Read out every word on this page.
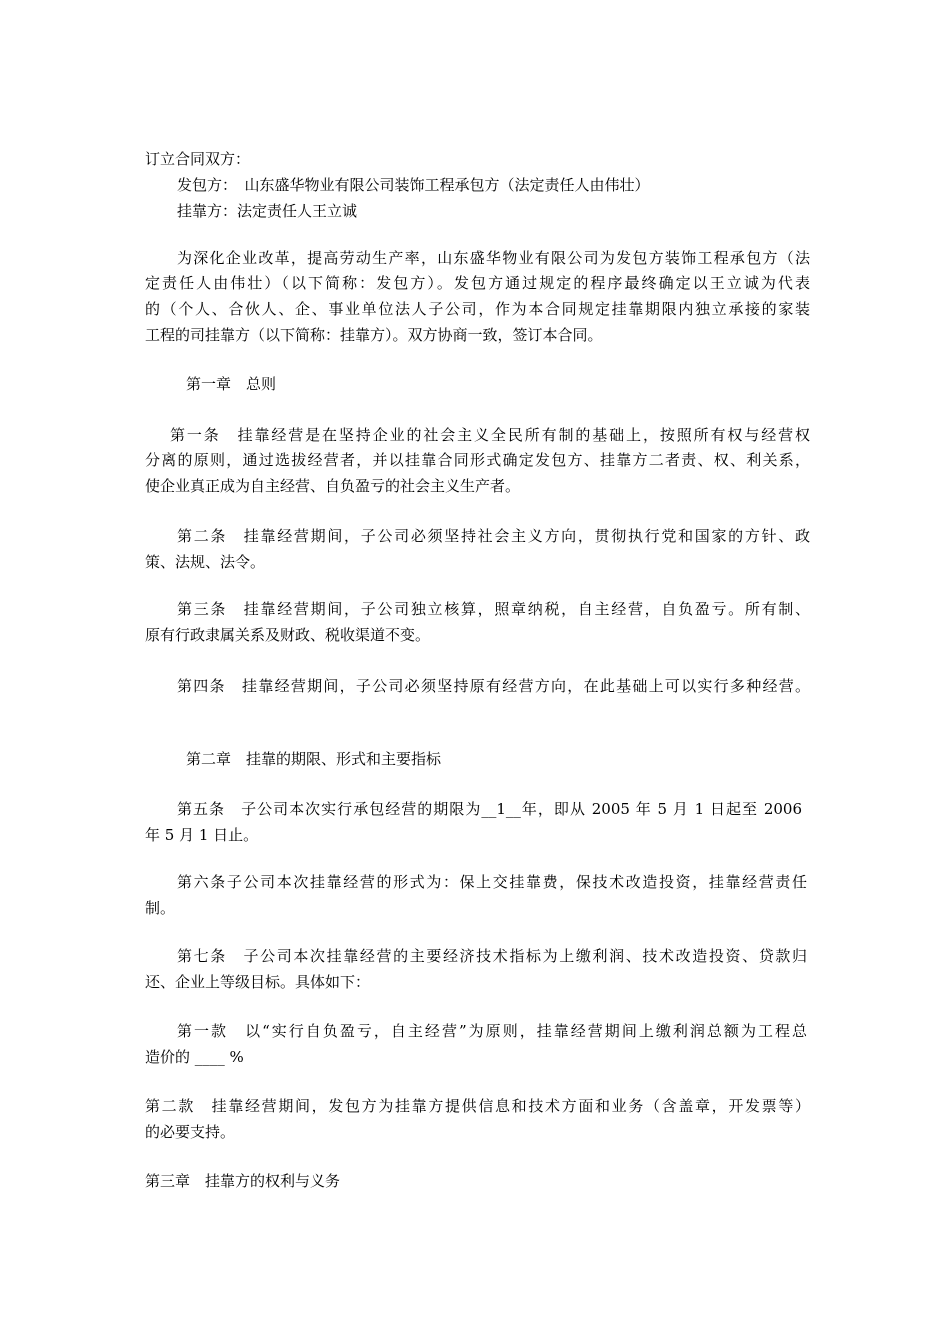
订立合同双方：

发包方：　山东盛华物业有限公司装饰工程承包方（法定责任人由伟壮）

挂靠方：法定责任人王立诚

为深化企业改革，提高劳动生产率，山东盛华物业有限公司为发包方装饰工程承包方（法

定责任人由伟壮）（以下简称：发包方）。发包方通过规定的程序最终确定以王立诚为代表

的（个人、合伙人、企、事业单位法人子公司，作为本合同规定挂靠期限内独立承接的家装

工程的司挂靠方（以下简称：挂靠方）。双方协商一致，签订本合同。

第一章　总则

第一条　挂靠经营是在坚持企业的社会主义全民所有制的基础上，按照所有权与经营权

分离的原则，通过选拔经营者，并以挂靠合同形式确定发包方、挂靠方二者责、权、利关系，

使企业真正成为自主经营、自负盈亏的社会主义生产者。

第二条　挂靠经营期间，子公司必须坚持社会主义方向，贯彻执行党和国家的方针、政

策、法规、法令。

第三条　挂靠经营期间，子公司独立核算，照章纳税，自主经营，自负盈亏。所有制、

原有行政隶属关系及财政、税收渠道不变。

第四条　挂靠经营期间，子公司必须坚持原有经营方向，在此基础上可以实行多种经营。

第二章　挂靠的期限、形式和主要指标

第五条　子公司本次实行承包经营的期限为__1__年，即从 2005 年 5 月 1 日起至 2006

年 5 月 1 日止。

第六条子公司本次挂靠经营的形式为：保上交挂靠费，保技术改造投资，挂靠经营责任

制。

第七条　子公司本次挂靠经营的主要经济技术指标为上缴利润、技术改造投资、贷款归

还、企业上等级目标。具体如下：

第一款　以“实行自负盈亏，自主经营”为原则，挂靠经营期间上缴利润总额为工程总

造价的 ____ %

第二款　挂靠经营期间，发包方为挂靠方提供信息和技术方面和业务（含盖章，开发票等）

的必要支持。

第三章　挂靠方的权利与义务
